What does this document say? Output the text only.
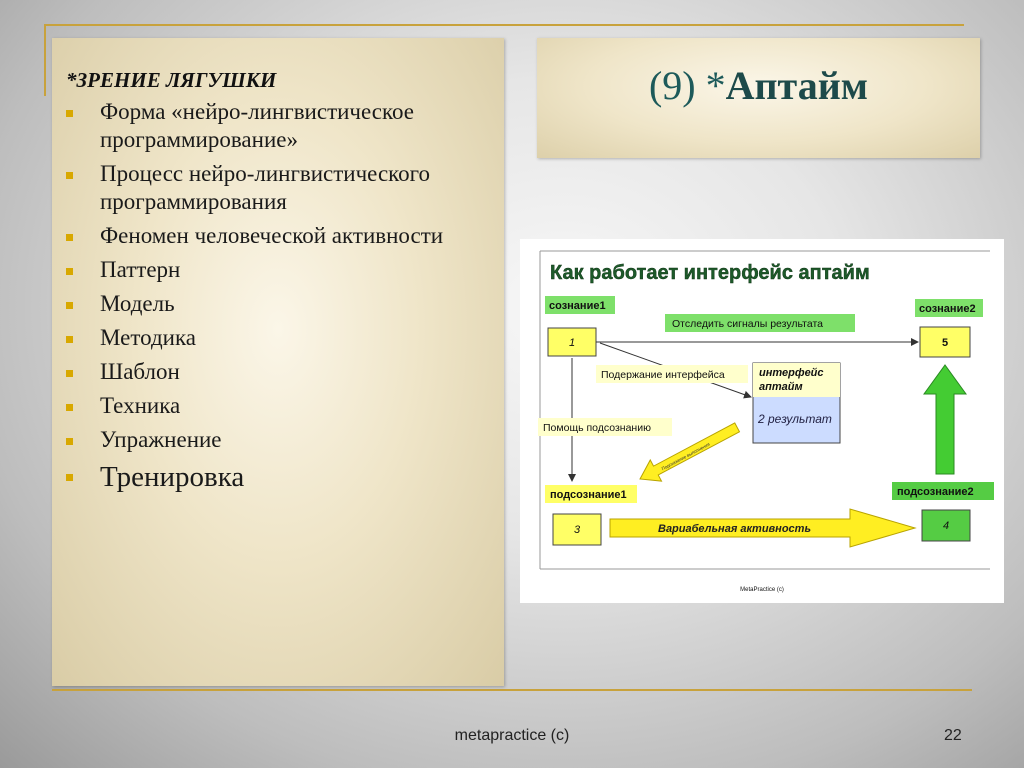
*ЗРЕНИЕ ЛЯГУШКИ
Форма «нейро-лингвистическое программирование»
Процесс нейро-лингвистического программирования
Феномен человеческой активности
Паттерн
Модель
Методика
Шаблон
Техника
Упражнение
Тренировка
(9) *Аптайм
Как работает интерфейс аптайм
сознание1	сознание2
подсознание1	подсознание2
1	5
интерфейс
аптайм
2 результат
3	4
Отследить сигналы результата
Подержание интерфейса
Помощь подсознанию
Подсказание выполнения
Вариабельная активность
MetaPractice (c)
metapractice (c)	22
